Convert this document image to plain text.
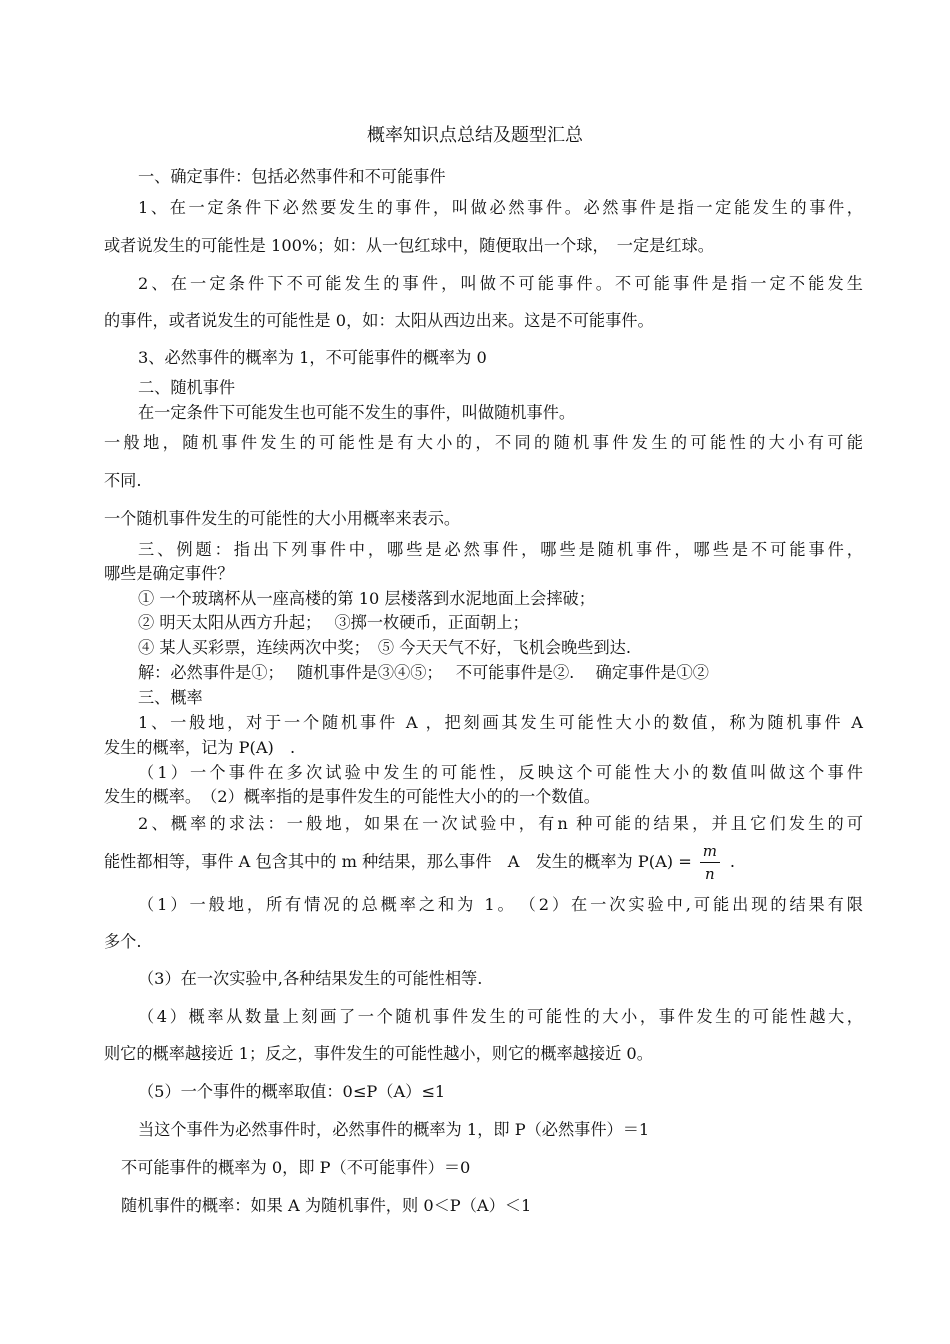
概率知识点总结及题型汇总
一、确定事件：包括必然事件和不可能事件
1、在一定条件下必然要发生的事件，叫做必然事件。必然事件是指一定能发生的事件，
或者说发生的可能性是 100%；如：从一包红球中，随便取出一个球，　一定是红球。
2、在一定条件下不可能发生的事件，叫做不可能事件。不可能事件是指一定不能发生
的事件，或者说发生的可能性是 0，如：太阳从西边出来。这是不可能事件。
3、必然事件的概率为 1，不可能事件的概率为 0
二、随机事件
在一定条件下可能发生也可能不发生的事件，叫做随机事件。
一般地，随机事件发生的可能性是有大小的，不同的随机事件发生的可能性的大小有可能
不同.
一个随机事件发生的可能性的大小用概率来表示。
三、例题：指出下列事件中，哪些是必然事件，哪些是随机事件，哪些是不可能事件，
哪些是确定事件？
① 一个玻璃杯从一座高楼的第 10 层楼落到水泥地面上会摔破；
② 明天太阳从西方升起；　 ③掷一枚硬币，正面朝上；
④ 某人买彩票，连续两次中奖；　⑤ 今天天气不好，飞机会晚些到达.
解：必然事件是①；　 随机事件是③④⑤；　 不可能事件是②.　 确定事件是①②
三、概率
1、一般地，对于一个随机事件 A ，把刻画其发生可能性大小的数值，称为随机事件 A
发生的概率，记为 P(A)　.
（1）一个事件在多次试验中发生的可能性，反映这个可能性大小的数值叫做这个事件
发生的概率。　（2）概率指的是事件发生的可能性大小的的一个数值。
2、概率的求法：一般地，如果在一次试验中，有n 种可能的结果，并且它们发生的可
能性都相等，事件 A 包含其中的 m 种结果，那么事件　A　发生的概率为 $P(A) = \frac{m}{n}$ .
（1）一般地，所有情况的总概率之和为 1。　（2）在一次实验中,可能出现的结果有限
多个.
（3）在一次实验中,各种结果发生的可能性相等.
（4）概率从数量上刻画了一个随机事件发生的可能性的大小，事件发生的可能性越大，
则它的概率越接近 1；反之，事件发生的可能性越小，则它的概率越接近 0。
（5）一个事件的概率取值：0≤P（A）≤1
当这个事件为必然事件时，必然事件的概率为 1，即 P（必然事件）＝1
不可能事件的概率为 0，即 P（不可能事件）＝0
随机事件的概率：如果 A 为随机事件，则 0＜P（A）＜1
